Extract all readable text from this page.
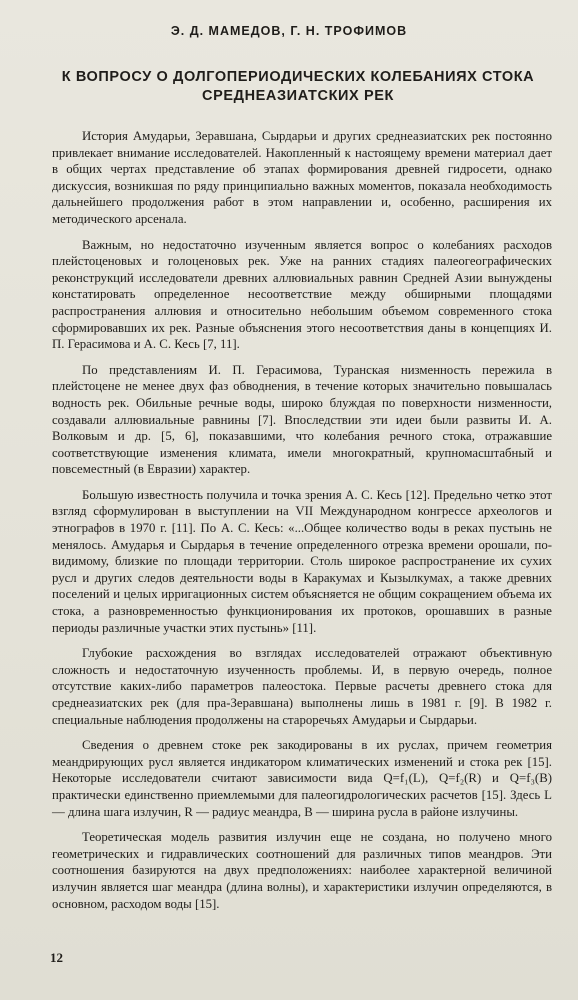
Э. Д. МАМЕДОВ, Г. Н. ТРОФИМОВ
К ВОПРОСУ О ДОЛГОПЕРИОДИЧЕСКИХ КОЛЕБАНИЯХ СТОКА
СРЕДНЕАЗИАТСКИХ РЕК

История Амударьи, Зеравшана, Сырдарьи и других среднеазиатских рек постоянно привлекает внимание исследователей. Накопленный к настоящему времени материал дает в общих чертах представление об этапах формирования древней гидросети, однако дискуссия, возникшая по ряду принципиально важных моментов, показала необходимость дальнейшего продолжения работ в этом направлении и, особенно, расширения их методического арсенала.

Важным, но недостаточно изученным является вопрос о колебаниях расходов плейстоценовых и голоценовых рек. Уже на ранних стадиях палеогеографических реконструкций исследователи древних аллювиальных равнин Средней Азии вынуждены констатировать определенное несоответствие между обширными площадями распространения аллювия и относительно небольшим объемом современного стока сформировавших их рек. Разные объяснения этого несоответствия даны в концепциях И. П. Герасимова и А. С. Кесь [7, 11].

По представлениям И. П. Герасимова, Туранская низменность пережила в плейстоцене не менее двух фаз обводнения, в течение которых значительно повышалась водность рек. Обильные речные воды, широко блуждая по поверхности низменности, создавали аллювиальные равнины [7]. Впоследствии эти идеи были развиты И. А. Волковым и др. [5, 6], показавшими, что колебания речного стока, отражавшие соответствующие изменения климата, имели многократный, крупномасштабный и повсеместный (в Евразии) характер.

Большую известность получила и точка зрения А. С. Кесь [12]. Предельно четко этот взгляд сформулирован в выступлении на VII Международном конгрессе археологов и этнографов в 1970 г. [11]. По А. С. Кесь: «...Общее количество воды в реках пустынь не менялось. Амударья и Сырдарья в течение определенного отрезка времени орошали, по-видимому, близкие по площади территории. Столь широкое распространение их сухих русл и других следов деятельности воды в Каракумах и Кызылкумах, а также древних поселений и целых ирригационных систем объясняется не общим сокращением объема их стока, а разновременностью функционирования их протоков, орошавших в разные периоды различные участки этих пустынь» [11].

Глубокие расхождения во взглядах исследователей отражают объективную сложность и недостаточную изученность проблемы. И, в первую очередь, полное отсутствие каких-либо параметров палеостока. Первые расчеты древнего стока для среднеазиатских рек (для пра-Зеравшана) выполнены лишь в 1981 г. [9]. В 1982 г. специальные наблюдения продолжены на староречьях Амударьи и Сырдарьи.

Сведения о древнем стоке рек закодированы в их руслах, причем геометрия меандрирующих русл является индикатором климатических изменений и стока рек [15]. Некоторые исследователи считают зависимости вида Q=f₁(L), Q=f₂(R) и Q=f₃(B) практически единственно приемлемыми для палеогидрологических расчетов [15]. Здесь L — длина шага излучин, R — радиус меандра, B — ширина русла в районе излучины.

Теоретическая модель развития излучин еще не создана, но получено много геометрических и гидравлических соотношений для различных типов меандров. Эти соотношения базируются на двух предположениях: наиболее характерной величиной излучин является шаг меандра (длина волны), и характеристики излучин определяются, в основном, расходом воды [15].

12
